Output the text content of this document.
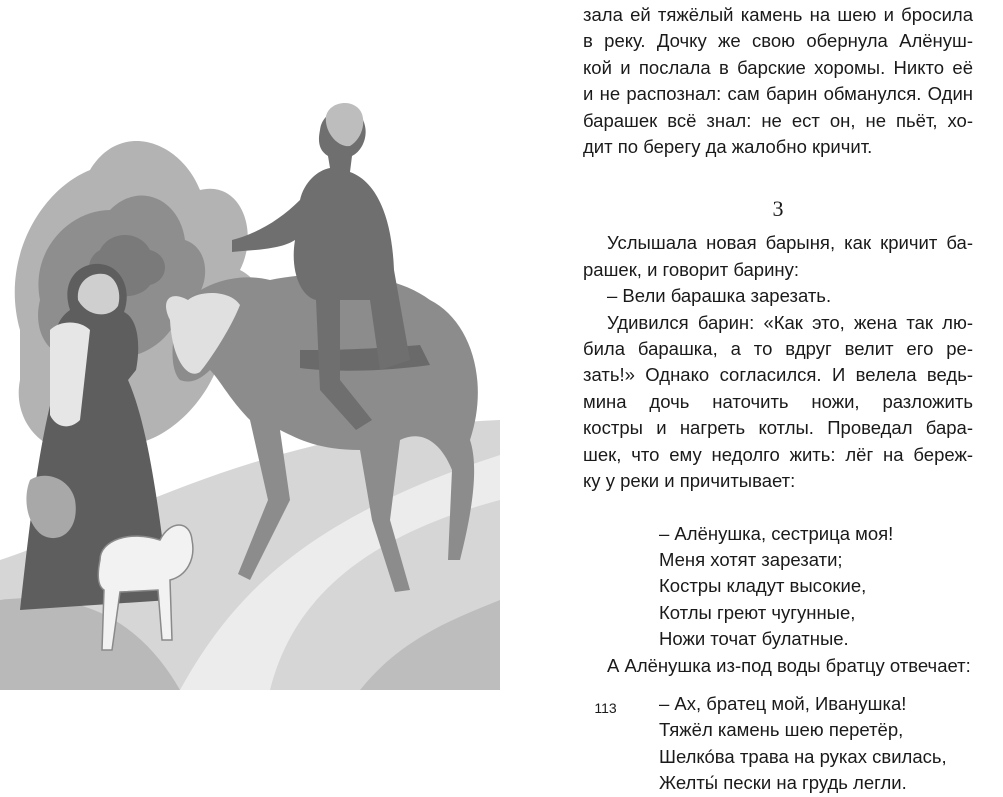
зала ей тяжёлый камень на шею и бросила
в реку. Дочку же свою обернула Алёнуш-
кой и послала в барские хоромы. Никто её
и не распознал: сам барин обманулся. Один
барашек всё знал: не ест он, не пьёт, хо-
дит по берегу да жалобно кричит.

3

Услышала новая барыня, как кричит ба-
рашек, и говорит барину:

– Вели барашка зарезать.

Удивился барин: «Как это, жена так лю-
била барашка, а то вдруг велит его ре-
зать!» Однако согласился. И велела ведь-
мина дочь наточить ножи, разложить
костры и нагреть котлы. Проведал бара-
шек, что ему недолго жить: лёг на береж-
ку у реки и причитывает:

– Алёнушка, сестрица моя!
Меня хотят зарезати;
Костры кладут высокие,
Котлы греют чугунные,
Ножи точат булатные.

А Алёнушка из-под воды братцу отвечает:

– Ах, братец мой, Иванушка!
Тяжёл камень шею перетёр,
Шелкóва трава на руках свилась,
Желты́ пески на грудь легли.
113
